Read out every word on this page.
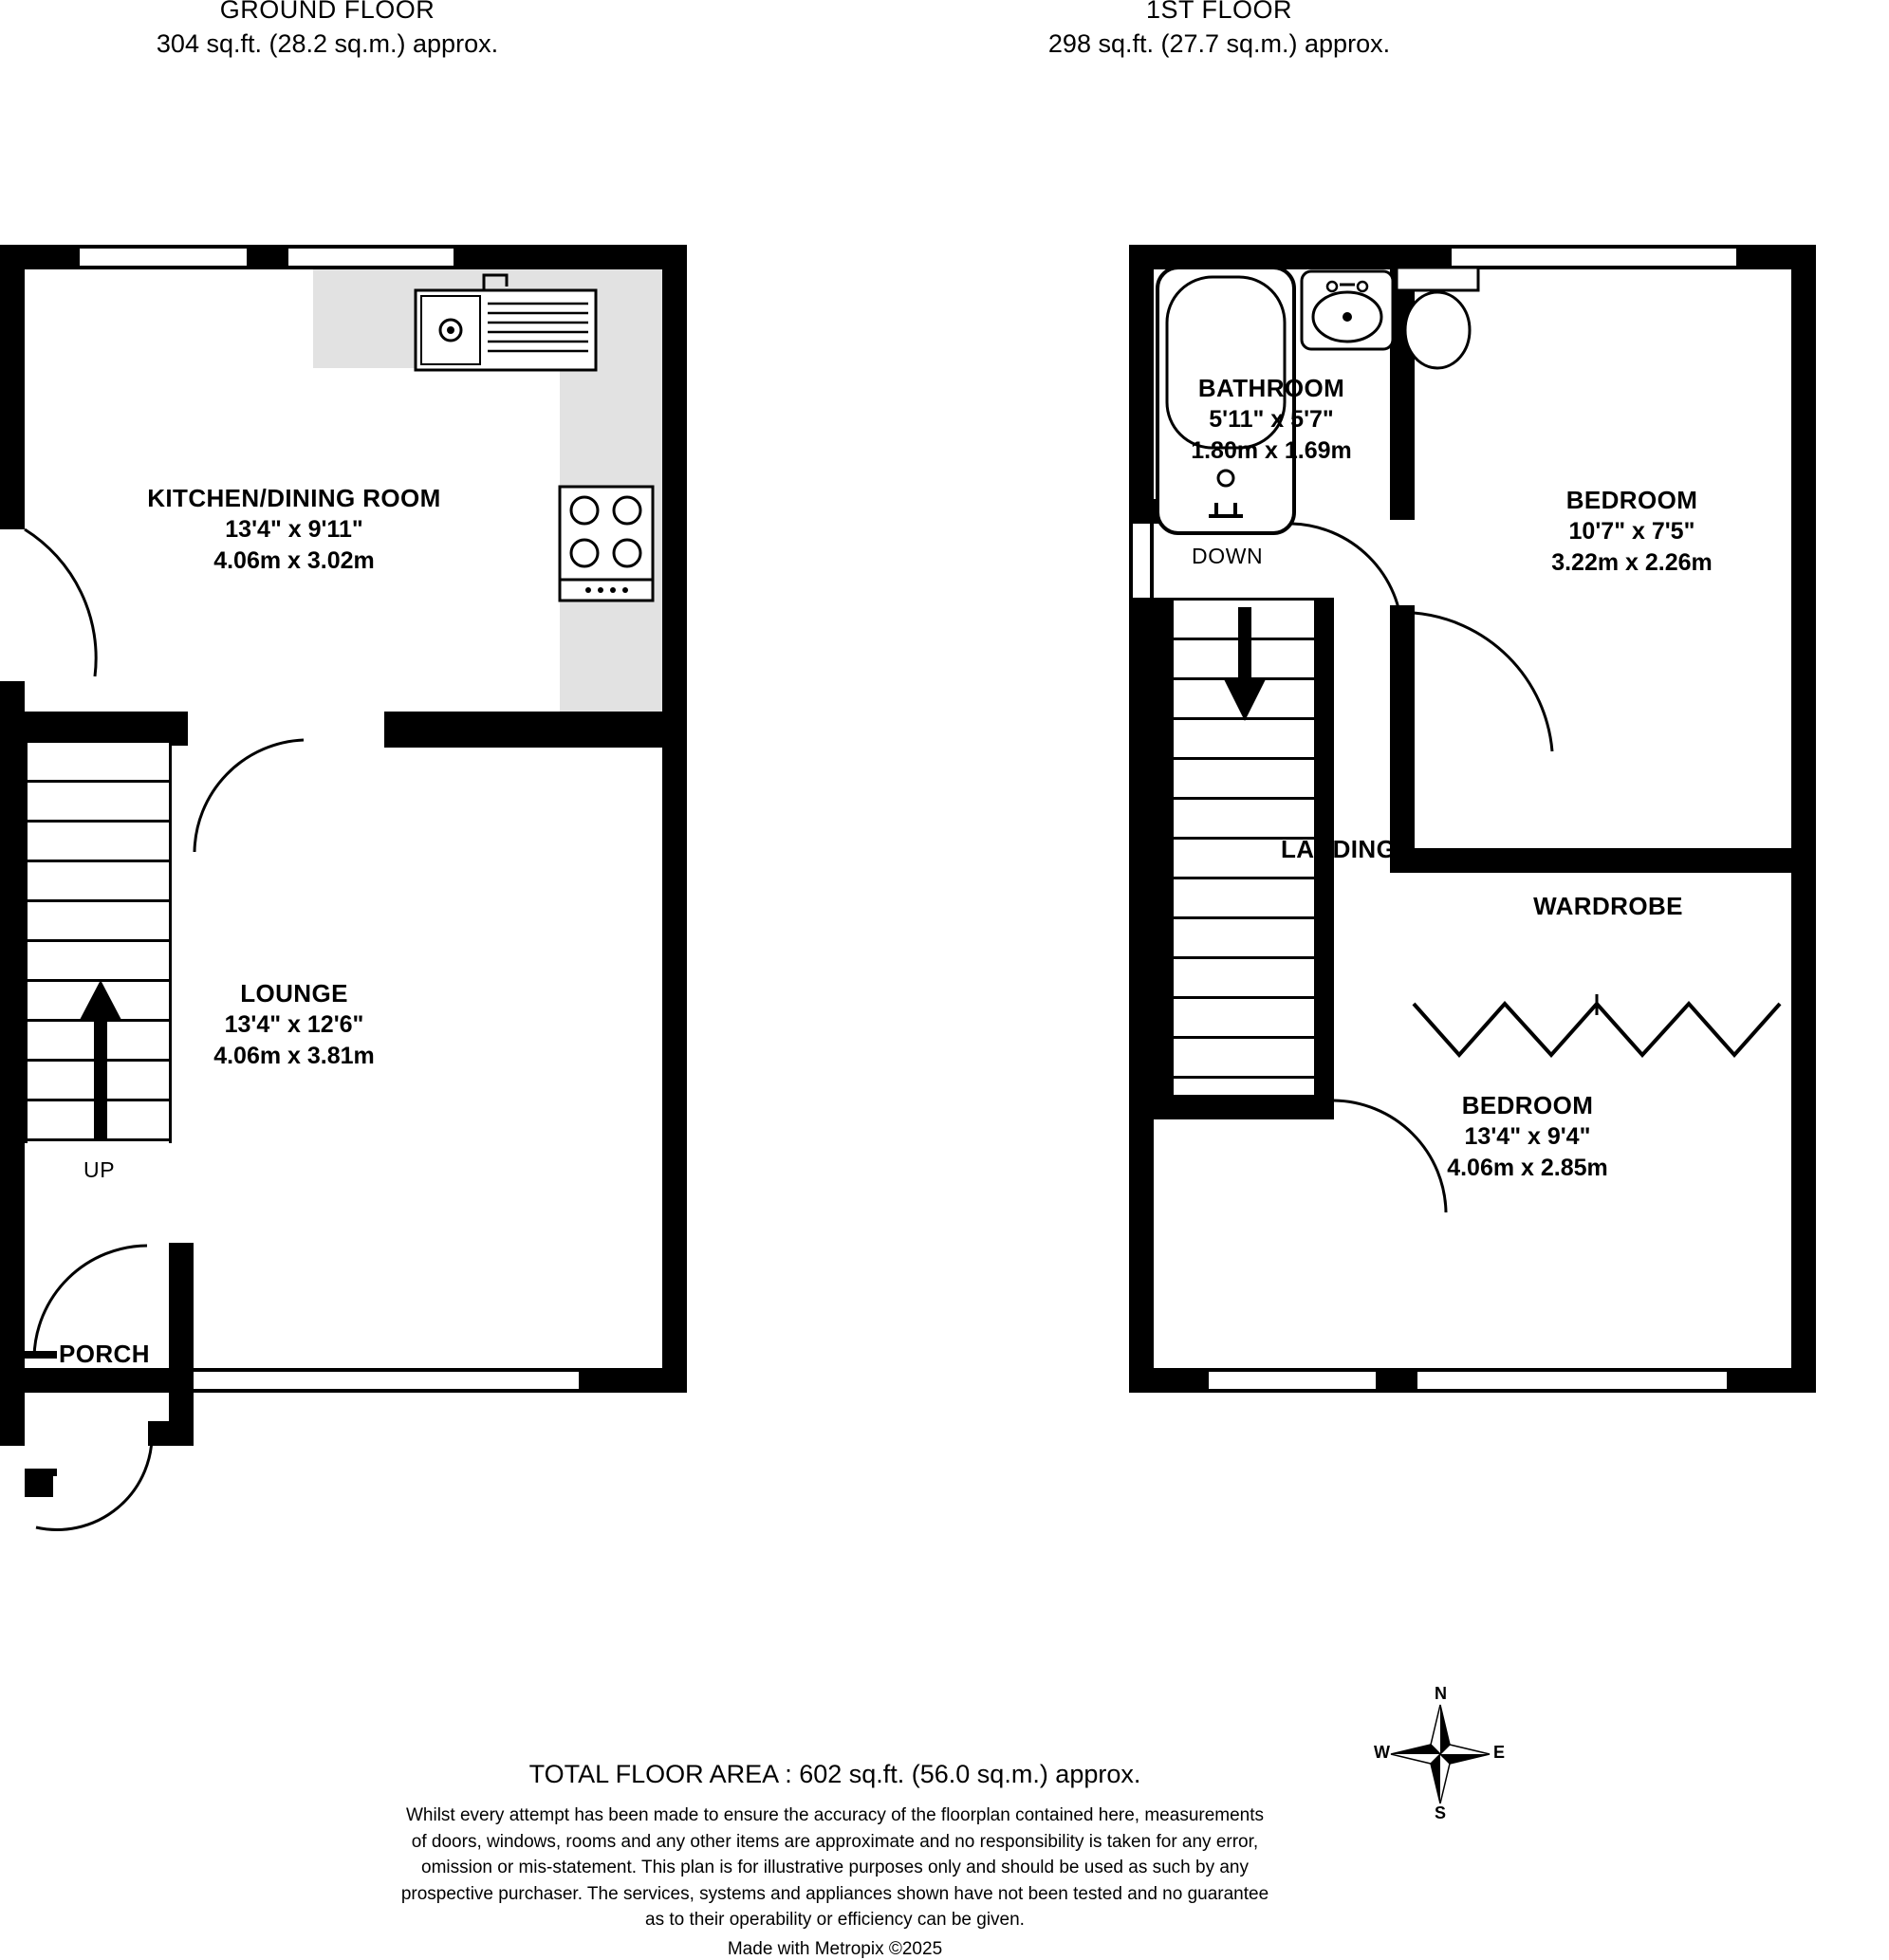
GROUND FLOOR
304 sq.ft. (28.2 sq.m.) approx.
1ST FLOOR
298 sq.ft. (27.7 sq.m.) approx.
KITCHEN/DINING ROOM
13'4" x 9'11"
4.06m x 3.02m
LOUNGE
13'4" x 12'6"
4.06m x 3.81m
PORCH
UP
BATHROOM
5'11" x 5'7"
1.80m x 1.69m
BEDROOM
10'7" x 7'5"
3.22m x 2.26m
BEDROOM
13'4" x 9'4"
4.06m x 2.85m
WARDROBE
LANDING
DOWN
TOTAL FLOOR AREA : 602 sq.ft. (56.0 sq.m.) approx.
Whilst every attempt has been made to ensure the accuracy of the floorplan contained here, measurements
of doors, windows, rooms and any other items are approximate and no responsibility is taken for any error,
omission or mis-statement. This plan is for illustrative purposes only and should be used as such by any
prospective purchaser. The services, systems and appliances shown have not been tested and no guarantee
as to their operability or efficiency can be given.
Made with Metropix ©2025
N
E
S
W
